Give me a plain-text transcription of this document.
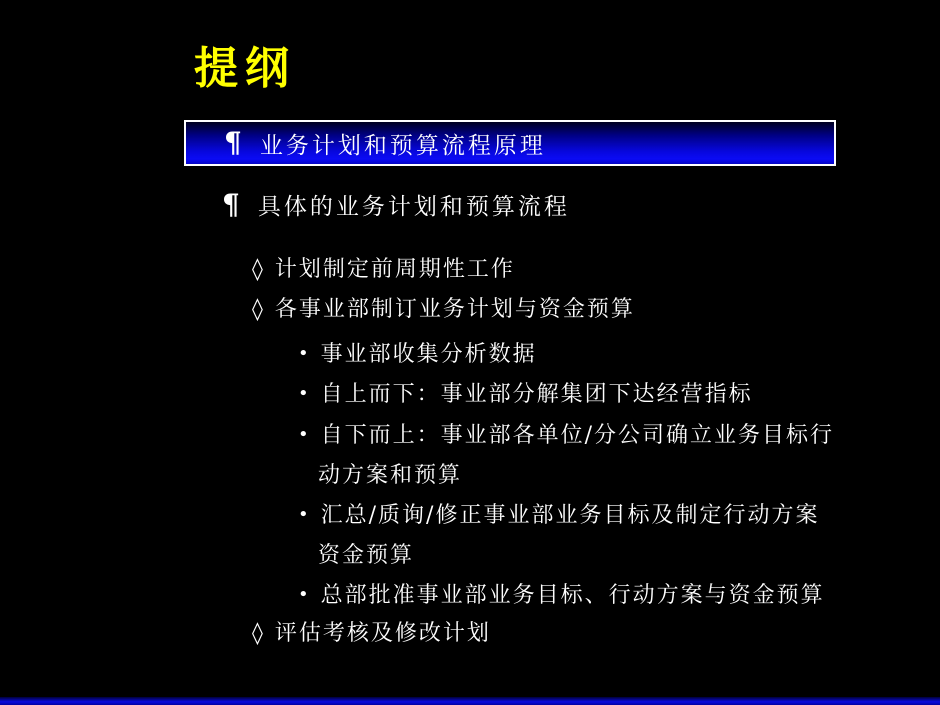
提纲
¶ 业务计划和预算流程原理
¶ 具体的业务计划和预算流程
◊ 计划制定前周期性工作
◊ 各事业部制订业务计划与资金预算
• 事业部收集分析数据
• 自上而下：事业部分解集团下达经营指标
• 自下而上：事业部各单位/分公司确立业务目标行
动方案和预算
• 汇总/质询/修正事业部业务目标及制定行动方案
资金预算
• 总部批准事业部业务目标、行动方案与资金预算
◊ 评估考核及修改计划
